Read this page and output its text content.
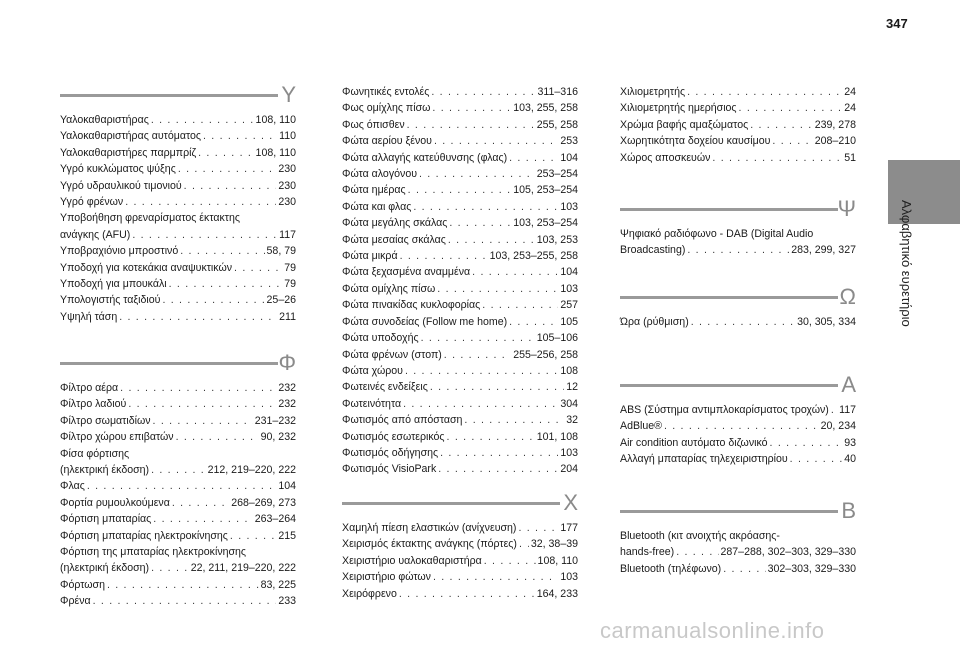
347
Υ
Υαλοκαθαριστήρας . . .	108, 110
Υαλοκαθαριστήρας αυτόματος . . .	110
Υαλοκαθαριστήρες παρμπρίζ . . .	108, 110
Υγρό κυκλώματος ψύξης . . .	230
Υγρό υδραυλικού τιμονιού . . .	230
Υγρό φρένων . . .	230
Υποβοήθηση φρεναρίσματος έκτακτης
ανάγκης (AFU) . . .	117
Υποβραχιόνιο μπροστινό . . .	58, 79
Υποδοχή για κοτεκάκια αναψυκτικών . . .	79
Υποδοχή για μπουκάλι . . .	79
Υπολογιστής ταξιδιού . . .	25–26
Υψηλή τάση . . .	211
Φ
Φίλτρο αέρα . . .	232
Φίλτρο λαδιού . . .	232
Φίλτρο σωματιδίων . . .	231–232
Φίλτρο χώρου επιβατών . . .	90, 232
Φίσα φόρτισης
(ηλεκτρική έκδοση) . . .	212, 219–220, 222
Φλας . . .	104
Φορτία ρυμουλκούμενα . . .	268–269, 273
Φόρτιση μπαταρίας . . .	263–264
Φόρτιση μπαταρίας ηλεκτροκίνησης . . .	215
Φόρτιση της μπαταρίας ηλεκτροκίνησης
(ηλεκτρική έκδοση) . . .	22, 211, 219–220, 222
Φόρτωση . . .	83, 225
Φρένα . . .	233
Φωνητικές εντολές . . .	311–316
Φως ομίχλης πίσω . . .	103, 255, 258
Φως όπισθεν . . .	255, 258
Φώτα αερίου ξένου . . .	253
Φώτα αλλαγής κατεύθυνσης (φλας) . . .	104
Φώτα αλογόνου . . .	253–254
Φώτα ημέρας . . .	105, 253–254
Φώτα και φλας . . .	103
Φώτα μεγάλης σκάλας . . .	103, 253–254
Φώτα μεσαίας σκάλας . . .	103, 253
Φώτα μικρά . . .	103, 253–255, 258
Φώτα ξεχασμένα αναμμένα . . .	104
Φώτα ομίχλης πίσω . . .	103
Φώτα πινακίδας κυκλοφορίας . . .	257
Φώτα συνοδείας (Follow me home) . . .	105
Φώτα υποδοχής . . .	105–106
Φώτα φρένων (στοπ) . . .	255–256, 258
Φώτα χώρου . . .	108
Φωτεινές ενδείξεις . . .	12
Φωτεινότητα . . .	304
Φωτισμός από απόσταση . . .	32
Φωτισμός εσωτερικός . . .	101, 108
Φωτισμός οδήγησης . . .	103
Φωτισμός VisioPark . . .	204
Χ
Χαμηλή πίεση ελαστικών (ανίχνευση) . . .	177
Χειρισμός έκτακτης ανάγκης (πόρτες) . . . 32, 38–39
Χειριστήριο υαλοκαθαριστήρα . . .	108, 110
Χειριστήριο φώτων . . .	103
Χειρόφρενο . . .	164, 233
Χιλιομετρητής . . .	24
Χιλιομετρητής ημερήσιος . . .	24
Χρώμα βαφής αμαξώματος . . .	239, 278
Χωρητικότητα δοχείου καυσίμου . . .	208–210
Χώρος αποσκευών . . .	51
Ψ
Ψηφιακό ραδιόφωνο - DAB (Digital Audio
Broadcasting) . . .	283, 299, 327
Ω
Ώρα (ρύθμιση) . . .	30, 305, 334
A
ABS (Σύστημα αντιμπλοκαρίσματος τροχών) . . . 117
AdBlue® . . .	20, 234
Air condition αυτόματο διζωνικό . . .	93
Αλλαγή μπαταρίας τηλεχειριστηρίου . . .	40
B
Bluetooth (κιτ ανοιχτής ακρόασης-
hands-free) . . .	287–288, 302–303, 329–330
Bluetooth (τηλέφωνο) . . .	302–303, 329–330
Αλφαβητικό ευρετήριο
carmanualsonline.info
